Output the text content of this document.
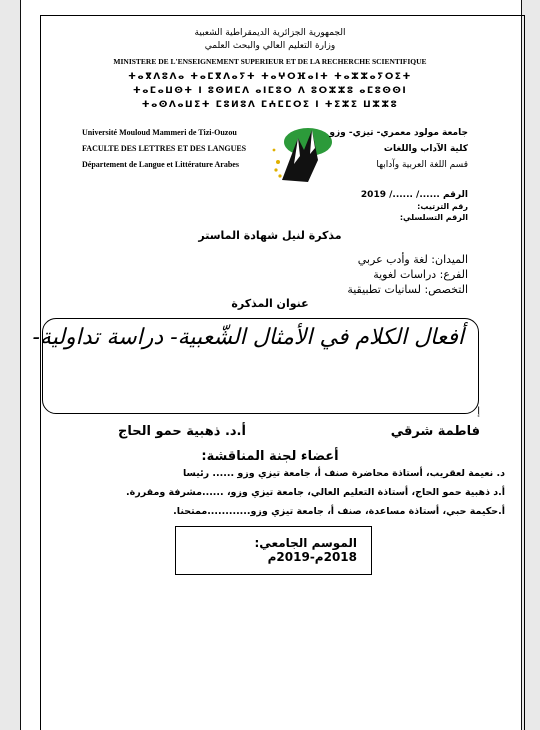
الجمهورية الجزائرية الديمقراطية الشعبية
وزارة التعليم العالي والبحث العلمي
MINISTERE DE L'ENSEIGNEMENT SUPERIEUR ET DE LA RECHERCHE SCIENTIFIQUE
ⵜⴰⴳⴷⵓⴷⴰ ⵜⴰⵎⴳⴷⴰⵢⵜ ⵜⴰⵖⵔⴼⴰⵏⵜ ⵜⴰⵣⵣⴰⵢⵔⵉⵜ
ⵜⴰⵎⴰⵡⵙⵜ ⵏ ⵓⵙⵍⵎⴷ ⴰⵏⵎⵓⵔ ⴷ ⵓⵔⵣⵣⵓ ⴰⵎⵓⵙⵙⵏ
ⵜⴰⵙⴷⴰⵡⵉⵜ ⵎⵓⵍⵓⴷ ⵎⵄⵎⵎⵔⵉ ⵏ ⵜⵉⵣⵉ ⵡⵣⵣⵓ
Université Mouloud Mammeri de Tizi-Ouzou
FACULTE DES LETTRES ET DES LANGUES
Département de Langue et Littérature Arabes
جامعة مولود معمري- تيزي- وزو
كلية الآداب واللغات
قسم اللغة العربية وآدابها
الرقم ....../ ....../ 2019
رقم الترتيب:
الرقم التسلسلي:
مذكرة لنيل شهادة الماستر
الميدان: لغة وأدب عربي
الفرع: دراسات لغوية
التخصص: لسانيات تطبيقية
عنوان المذكرة
أفعال الكلام في الأمثال الشّعبية- دراسة تداولية-
إ
فاطمة شرقي
أ.د. ذهبية حمو الحاج
أعضاء لجنة المناقشة:
د. نعيمة لعقريب، أستاذة محاضرة صنف أ، جامعة تيزي وزو ...... رئيسا
أ.د ذهبية حمو الحاج، أستاذة التعليم العالي، جامعة تيزي وزو، ......مشرفة ومقررة.
أ.حكيمة حبي، أستاذة مساعدة، صنف أ، جامعة تيزي وزو............ممتحنا.
الموسم الجامعي: 2018م-2019م
